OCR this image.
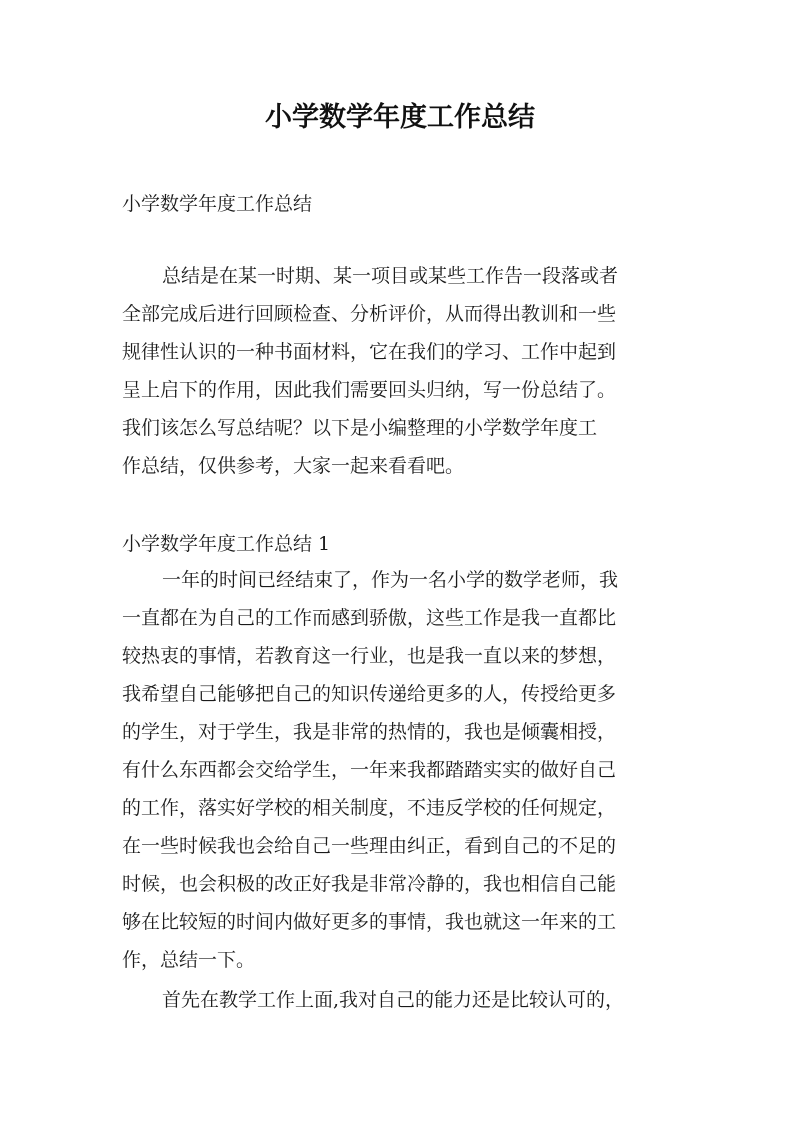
小学数学年度工作总结
小学数学年度工作总结
总结是在某一时期、某一项目或某些工作告一段落或者
全部完成后进行回顾检查、分析评价，从而得出教训和一些
规律性认识的一种书面材料，它在我们的学习、工作中起到
呈上启下的作用，因此我们需要回头归纳，写一份总结了。
我们该怎么写总结呢？以下是小编整理的小学数学年度工
作总结，仅供参考，大家一起来看看吧。
小学数学年度工作总结 1
一年的时间已经结束了，作为一名小学的数学老师，我
一直都在为自己的工作而感到骄傲，这些工作是我一直都比
较热衷的事情，若教育这一行业，也是我一直以来的梦想，
我希望自己能够把自己的知识传递给更多的人，传授给更多
的学生，对于学生，我是非常的热情的，我也是倾囊相授，
有什么东西都会交给学生，一年来我都踏踏实实的做好自己
的工作，落实好学校的相关制度，不违反学校的任何规定，
在一些时候我也会给自己一些理由纠正，看到自己的不足的
时候，也会积极的改正好我是非常冷静的，我也相信自己能
够在比较短的时间内做好更多的事情，我也就这一年来的工
作，总结一下。
首先在教学工作上面,我对自己的能力还是比较认可的，
